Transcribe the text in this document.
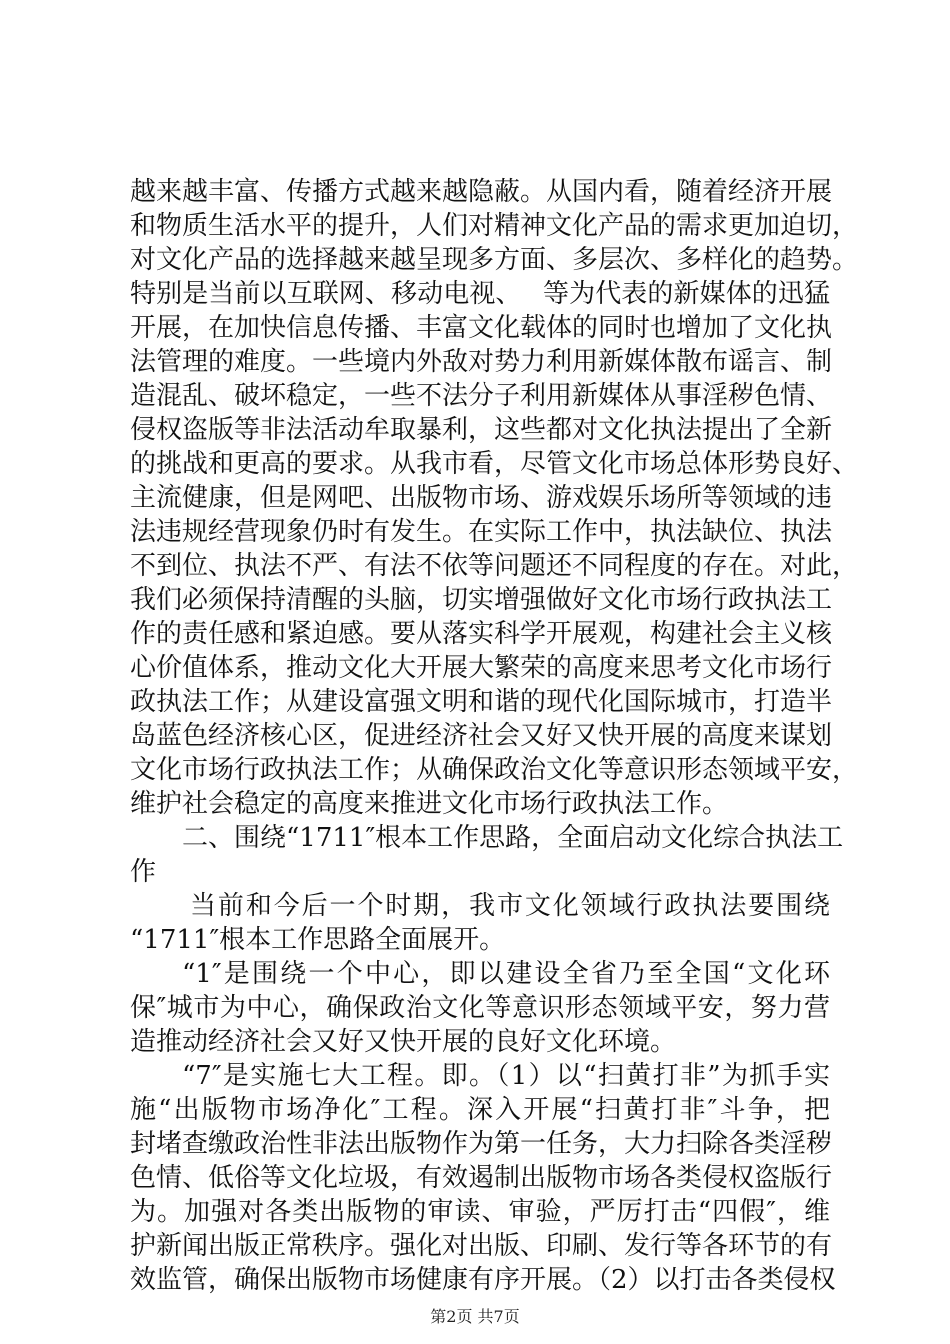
越来越丰富、传播方式越来越隐蔽。从国内看，随着经济开展
和物质生活水平的提升，人们对精神文化产品的需求更加迫切，
对文化产品的选择越来越呈现多方面、多层次、多样化的趋势。
特别是当前以互联网、移动电视、　 等为代表的新媒体的迅猛
开展，在加快信息传播、丰富文化载体的同时也增加了文化执
法管理的难度。一些境内外敌对势力利用新媒体散布谣言、制
造混乱、破坏稳定，一些不法分子利用新媒体从事淫秽色情、
侵权盗版等非法活动牟取暴利，这些都对文化执法提出了全新
的挑战和更高的要求。从我市看，尽管文化市场总体形势良好、
主流健康，但是网吧、出版物市场、游戏娱乐场所等领域的违
法违规经营现象仍时有发生。在实际工作中，执法缺位、执法
不到位、执法不严、有法不依等问题还不同程度的存在。对此，
我们必须保持清醒的头脑，切实增强做好文化市场行政执法工
作的责任感和紧迫感。要从落实科学开展观，构建社会主义核
心价值体系，推动文化大开展大繁荣的高度来思考文化市场行
政执法工作；从建设富强文明和谐的现代化国际城市，打造半
岛蓝色经济核心区，促进经济社会又好又快开展的高度来谋划
文化市场行政执法工作；从确保政治文化等意识形态领域平安，
维护社会稳定的高度来推进文化市场行政执法工作。
二、围绕“1711″根本工作思路，全面启动文化综合执法工
作
当前和今后一个时期，我市文化领域行政执法要围绕
“1711″根本工作思路全面展开。
“1″是围绕一个中心，即以建设全省乃至全国“文化环
保″城市为中心，确保政治文化等意识形态领域平安，努力营
造推动经济社会又好又快开展的良好文化环境。
“7″是实施七大工程。即。（1）以“扫黄打非”为抓手实
施“出版物市场净化″工程。深入开展“扫黄打非″斗争，把
封堵查缴政治性非法出版物作为第一任务，大力扫除各类淫秽
色情、低俗等文化垃圾，有效遏制出版物市场各类侵权盗版行
为。加强对各类出版物的审读、审验，严厉打击“四假″，维
护新闻出版正常秩序。强化对出版、印刷、发行等各环节的有
效监管，确保出版物市场健康有序开展。（2）以打击各类侵权
第2页 共7页
